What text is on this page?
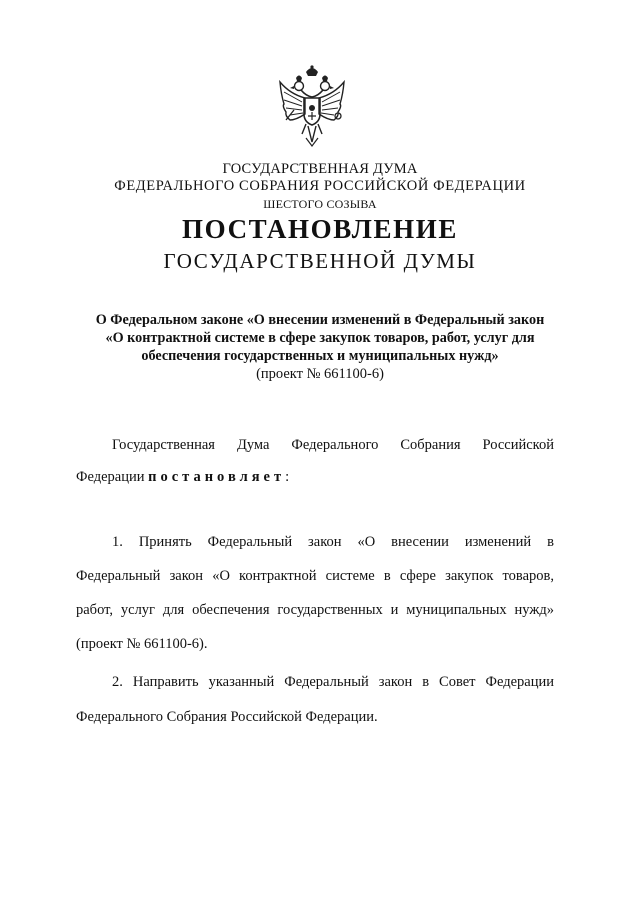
ГОСУДАРСТВЕННАЯ ДУМА
ФЕДЕРАЛЬНОГО СОБРАНИЯ РОССИЙСКОЙ ФЕДЕРАЦИИ
ШЕСТОГО СОЗЫВА
ПОСТАНОВЛЕНИЕ
ГОСУДАРСТВЕННОЙ ДУМЫ
О Федеральном законе «О внесении изменений в Федеральный закон
«О контрактной системе в сфере закупок товаров, работ, услуг для
обеспечения государственных и муниципальных нужд»
(проект № 661100-6)
Государственная Дума Федерального Собрания Российской
Федерации постановляет:
1. Принять Федеральный закон «О внесении изменений в
Федеральный закон «О контрактной системе в сфере закупок товаров,
работ, услуг для обеспечения государственных и муниципальных нужд»
(проект № 661100-6).
2. Направить указанный Федеральный закон в Совет Федерации
Федерального Собрания Российской Федерации.
